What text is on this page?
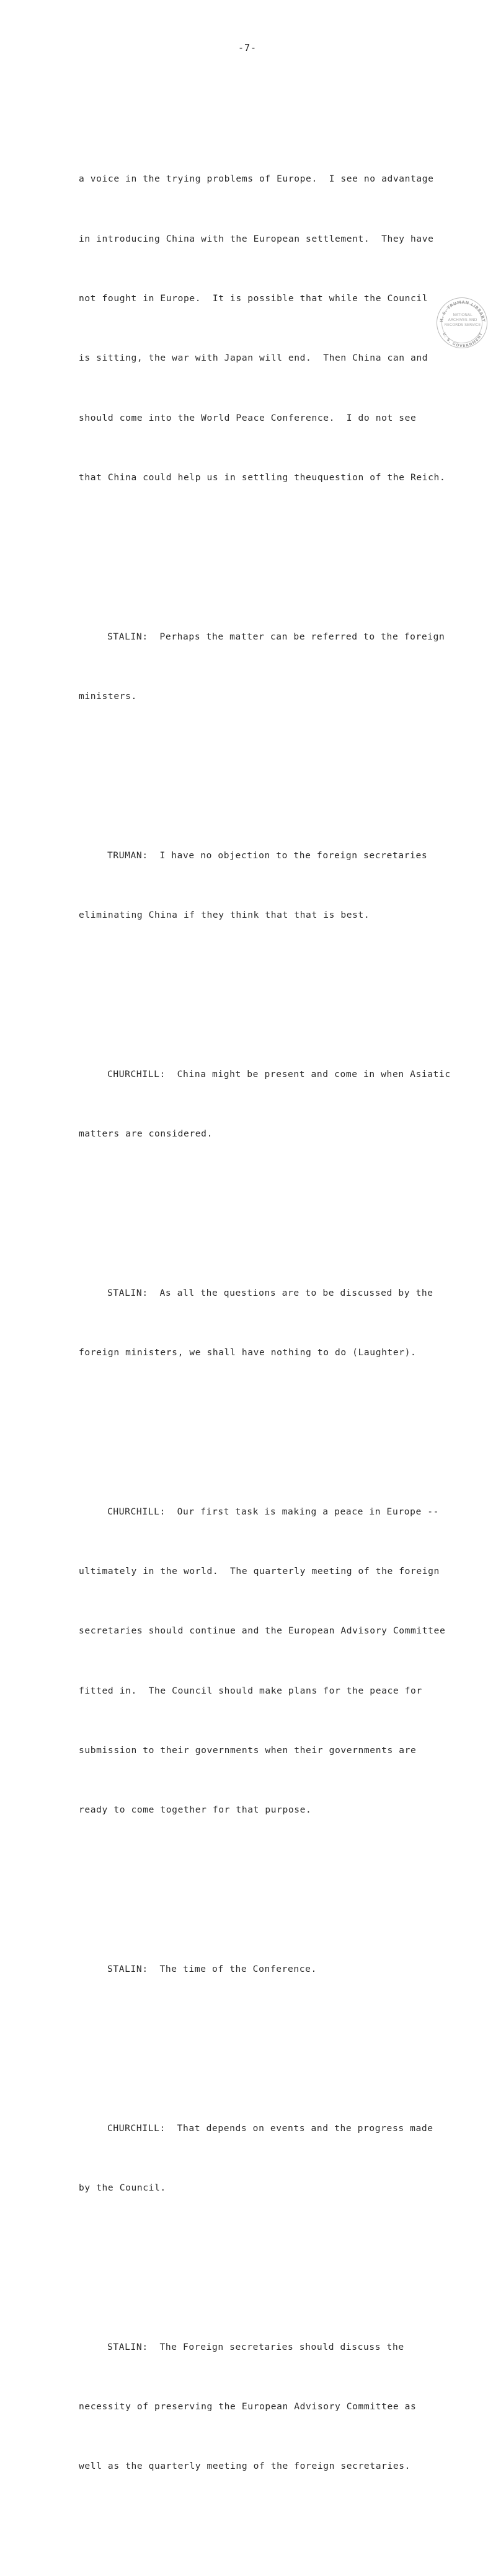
-7-

a voice in the trying problems of Europe.  I see no advantage

in introducing China with the European settlement.  They have

not fought in Europe.  It is possible that while the Council

is sitting, the war with Japan will end.  Then China can and

should come into the World Peace Conference.  I do not see

that China could help us in settling theuquestion of the Reich.

STALIN: Perhaps the matter can be referred to the foreign

ministers.

TRUMAN: I have no objection to the foreign secretaries

eliminating China if they think that that is best.

CHURCHILL: China might be present and come in when Asiatic

matters are considered.

STALIN: As all the questions are to be discussed by the

foreign ministers, we shall have nothing to do (Laughter).

CHURCHILL: Our first task is making a peace in Europe --

ultimately in the world.  The quarterly meeting of the foreign

secretaries should continue and the European Advisory Committee

fitted in.  The Council should make plans for the peace for

submission to their governments when their governments are

ready to come together for that purpose.

STALIN: The time of the Conference.

CHURCHILL: That depends on events and the progress made

by the Council.

STALIN: The Foreign secretaries should discuss the

necessity of preserving the European Advisory Committee as

well as the quarterly meeting of the foreign secretaries.

H. S. TRUMAN LIBRARY
U. S. GOVERNMENT
NATIONAL ARCHIVES AND RECORDS SERVICE
